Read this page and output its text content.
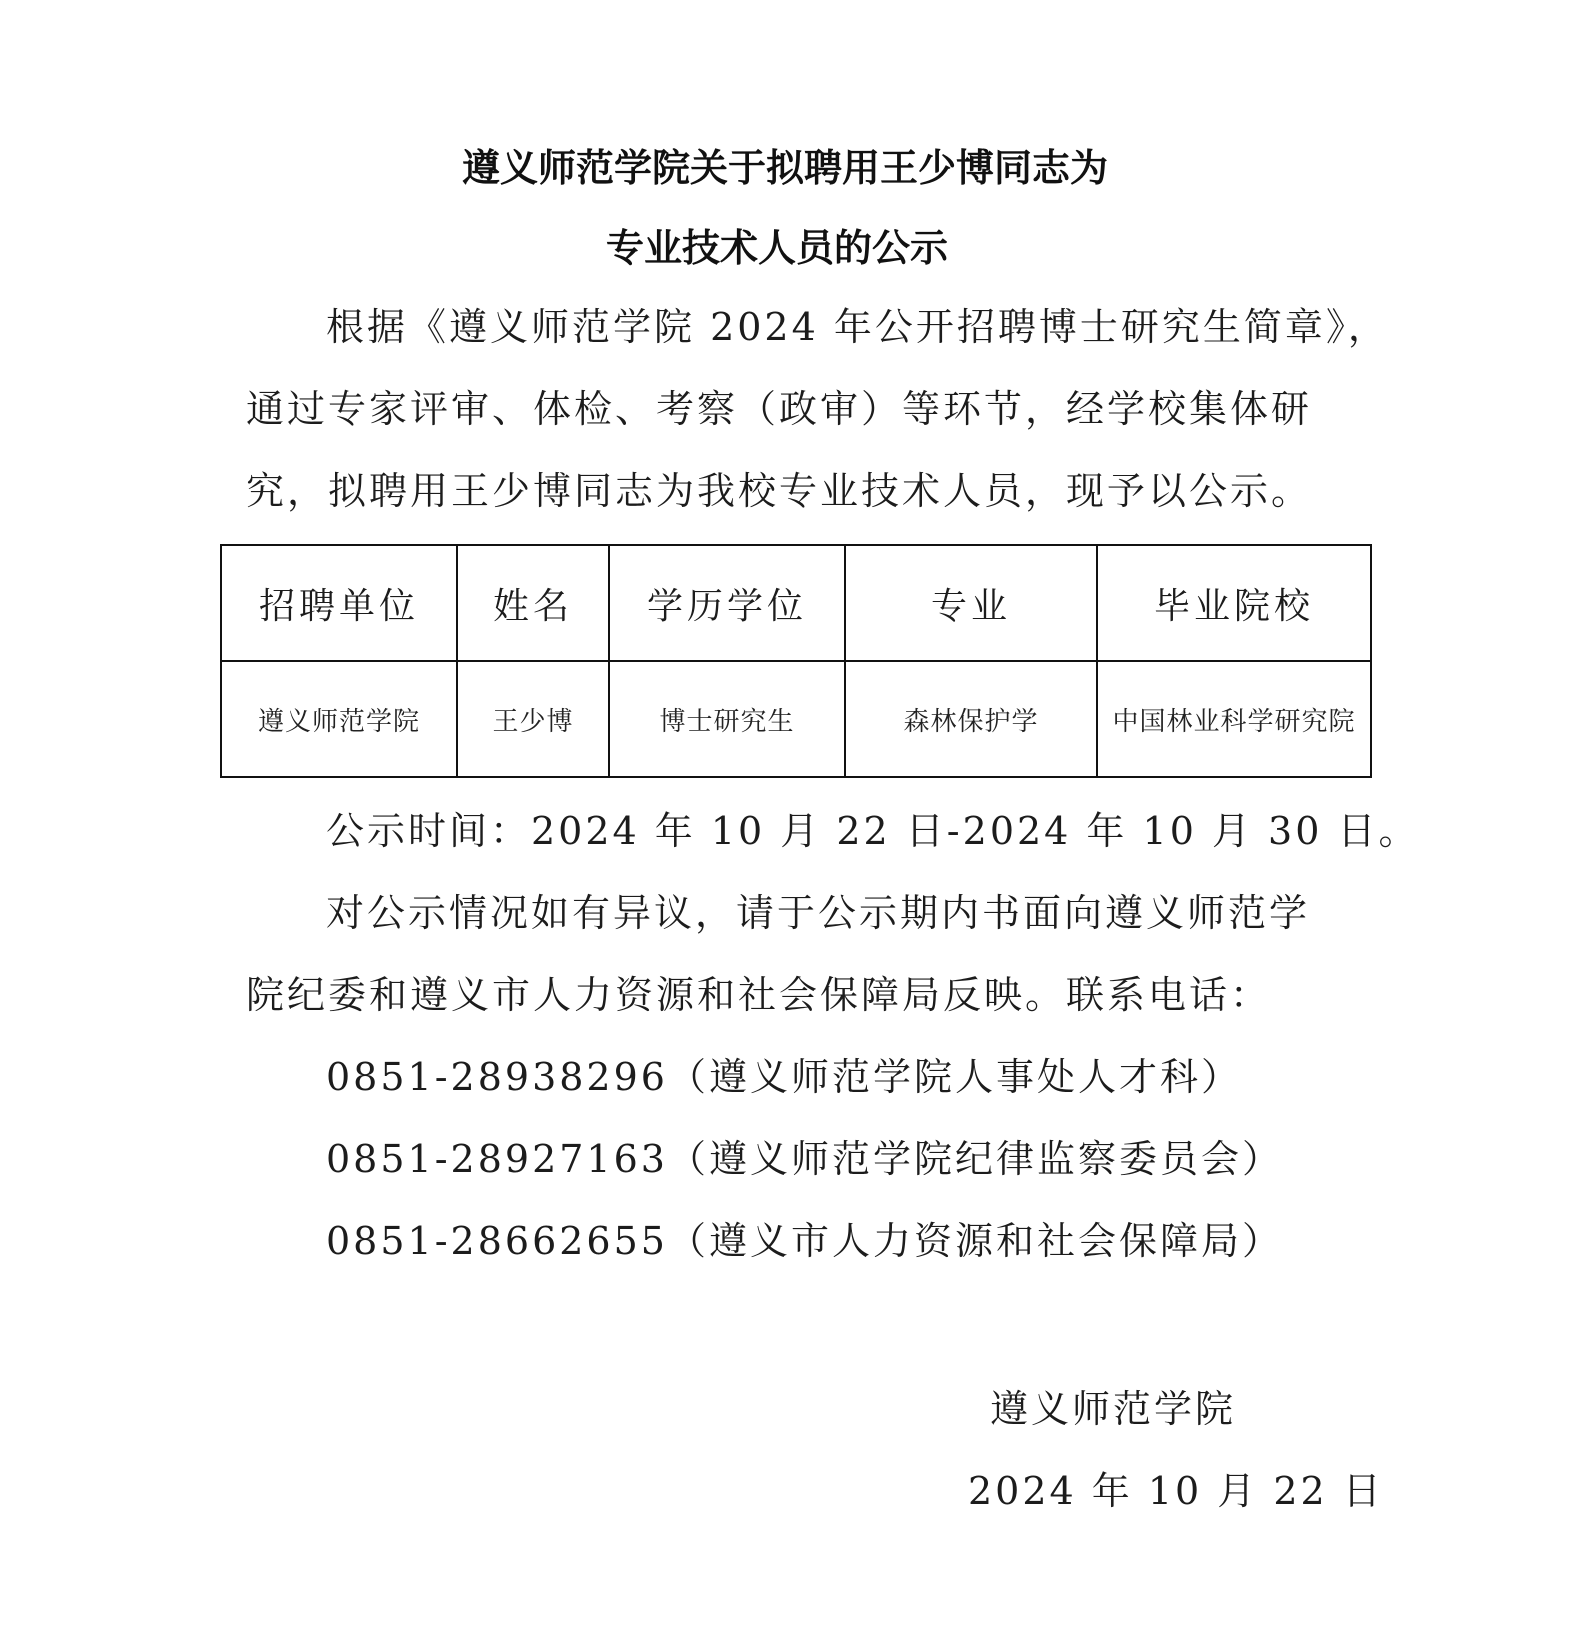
遵义师范学院关于拟聘用王少博同志为
专业技术人员的公示
根据《遵义师范学院 2024 年公开招聘博士研究生简章》，
通过专家评审、体检、考察（政审）等环节，经学校集体研
究，拟聘用王少博同志为我校专业技术人员，现予以公示。
招聘单位	姓名	学历学位	专业	毕业院校
遵义师范学院	王少博	博士研究生	森林保护学	中国林业科学研究院
公示时间：2024 年 10 月 22 日-2024 年 10 月 30 日。
对公示情况如有异议，请于公示期内书面向遵义师范学
院纪委和遵义市人力资源和社会保障局反映。联系电话：
0851-28938296（遵义师范学院人事处人才科）
0851-28927163（遵义师范学院纪律监察委员会）
0851-28662655（遵义市人力资源和社会保障局）
遵义师范学院
2024 年 10 月 22 日
